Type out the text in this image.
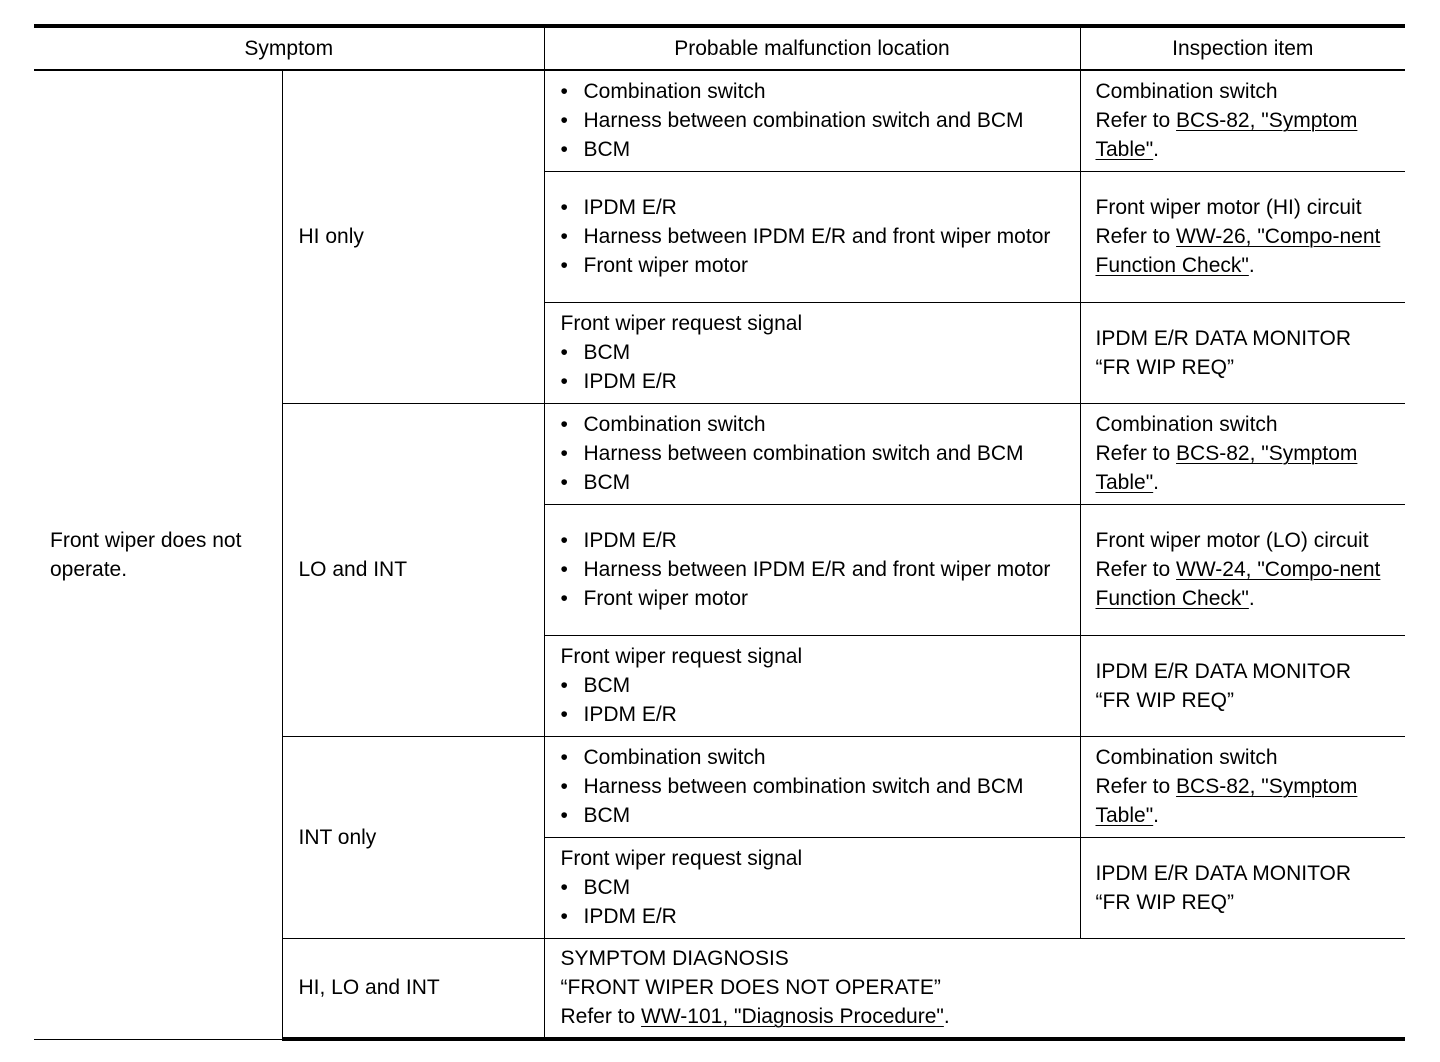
Symptom		Probable malfunction location	Inspection item

Front wiper does not operate.	HI only	• Combination switch
• Harness between combination switch and BCM
• BCM	Combination switch
Refer to BCS-82, "Symptom Table".

		• IPDM E/R
• Harness between IPDM E/R and front wiper motor
• Front wiper motor	Front wiper motor (HI) circuit
Refer to WW-26, "Compo-nent Function Check".

		Front wiper request signal
• BCM
• IPDM E/R	IPDM E/R DATA MONITOR
“FR WIP REQ”

	LO and INT	• Combination switch
• Harness between combination switch and BCM
• BCM	Combination switch
Refer to BCS-82, "Symptom Table".

		• IPDM E/R
• Harness between IPDM E/R and front wiper motor
• Front wiper motor	Front wiper motor (LO) circuit
Refer to WW-24, "Compo-nent Function Check".

		Front wiper request signal
• BCM
• IPDM E/R	IPDM E/R DATA MONITOR
“FR WIP REQ”

	INT only	• Combination switch
• Harness between combination switch and BCM
• BCM	Combination switch
Refer to BCS-82, "Symptom Table".

		Front wiper request signal
• BCM
• IPDM E/R	IPDM E/R DATA MONITOR
“FR WIP REQ”

	HI, LO and INT	SYMPTOM DIAGNOSIS
“FRONT WIPER DOES NOT OPERATE”
Refer to WW-101, "Diagnosis Procedure".	
